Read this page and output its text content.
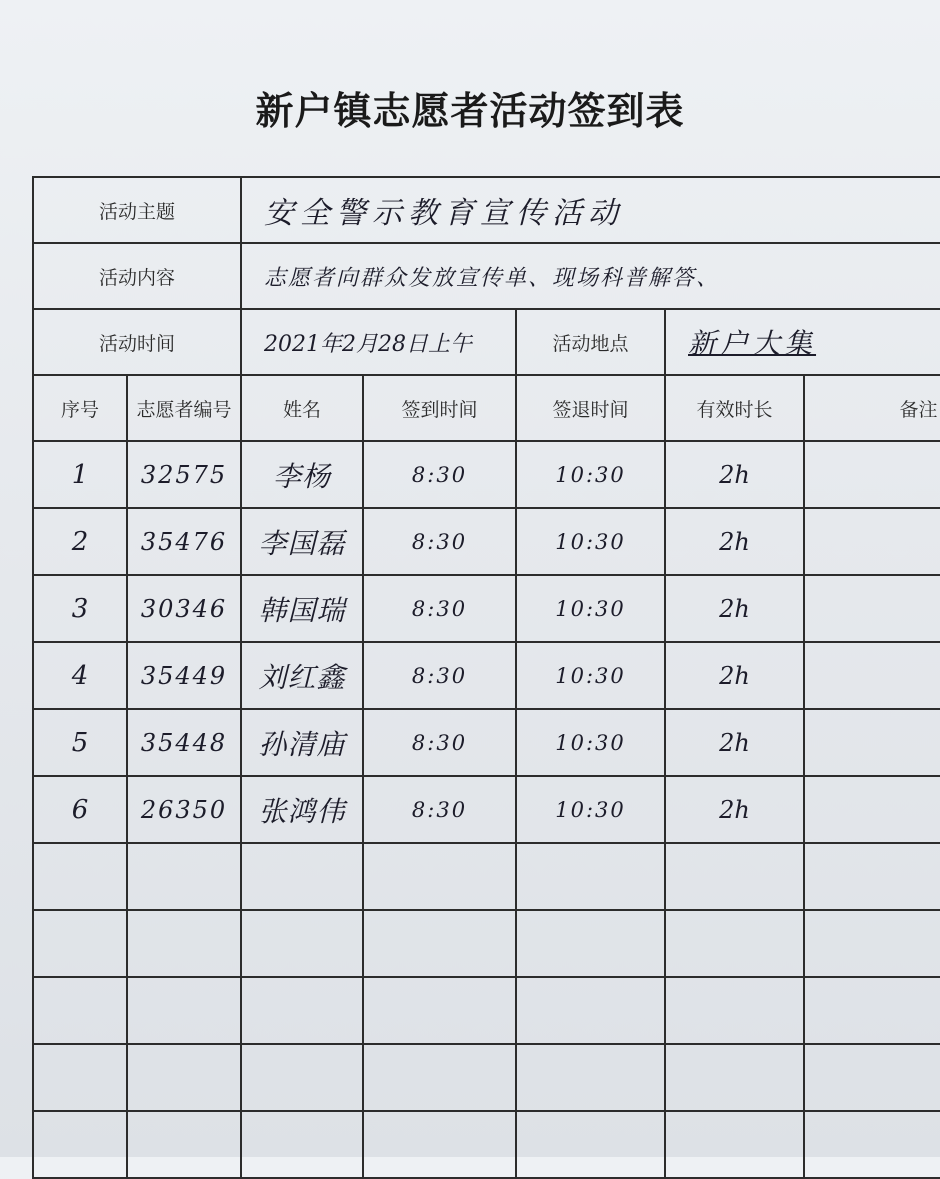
新户镇志愿者活动签到表
活动主题		安全警示教育宣传活动				
活动内容		志愿者向群众发放宣传单、现场科普解答、				
活动时间		2021年2月28日上午		活动地点	新户大集	
序号	志愿者编号	姓名	签到时间	签退时间	有效时长	备注
1	32575	李杨	8:30	10:30	2h	
2	35476	李国磊	8:30	10:30	2h	
3	30346	韩国瑞	8:30	10:30	2h	
4	35449	刘红鑫	8:30	10:30	2h	
5	35448	孙清庙	8:30	10:30	2h	
6	26350	张鸿伟	8:30	10:30	2h	
